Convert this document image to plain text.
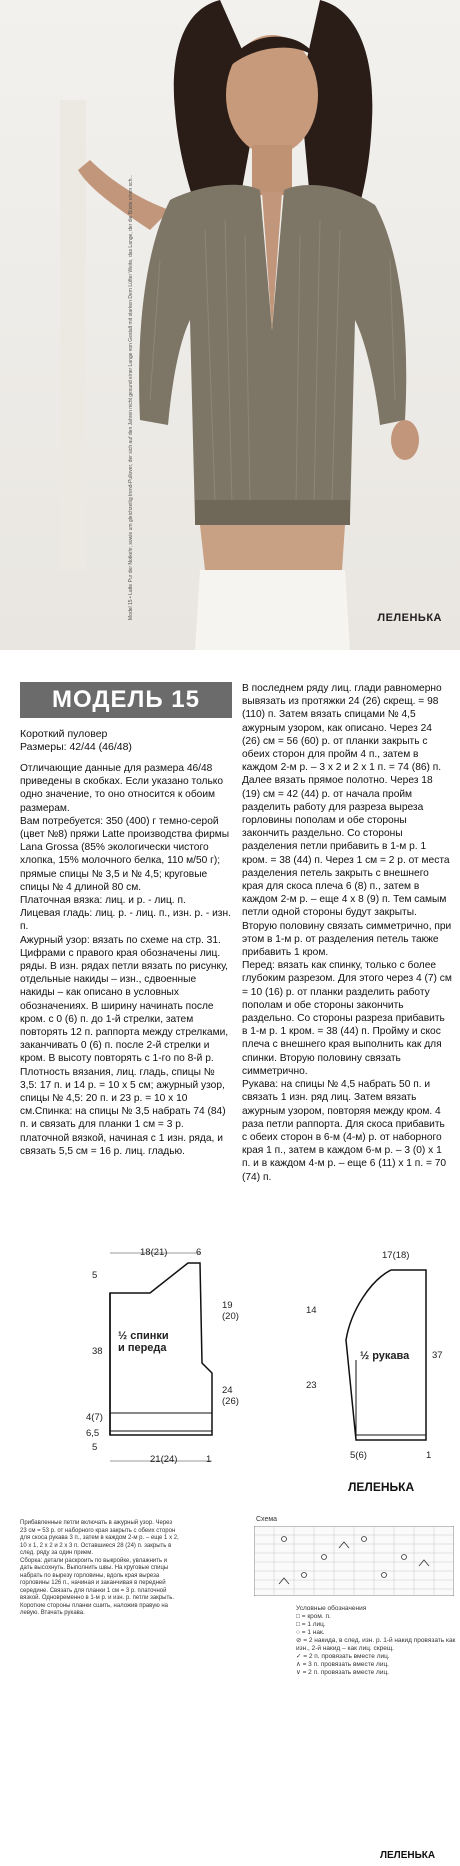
Model 15 • Latte Pur der Notkehr, sowie um gleichzeitig trend-Pullover, der sich auf den Jahren nicht gesund einer Lange von Gestalt mit starken Dem Lüfter Weite, das Lange, der die Büste einen sch...	ЛЕЛЕНЬКА
МОДЕЛЬ 15
Короткий пуловер
Размеры: 42/44 (46/48)
Отличающие данные для размера 46/48 приведены в скобках. Если указано только одно значение, то оно относится к обоим размерам.
Вам потребуется: 350 (400) г темно-серой (цвет №8) пряжи Latte производства фирмы Lana Grossa (85% экологически чистого хлопка, 15% молочного белка, 110 м/50 г); прямые спицы № 3,5 и № 4,5; круговые спицы № 4 длиной 80 см.
Платочная вязка: лиц. и р. - лиц. п.
Лицевая гладь: лиц. р. - лиц. п., изн. р. - изн. п.
Ажурный узор: вязать по схеме на стр. 31. Цифрами с правого края обозначены лиц. ряды. В изн. рядах петли вязать по рисунку, отдельные накиды – изн., сдвоенные накиды – как описано в условных обозначениях. В ширину начинать после кром. с 0 (6) п. до 1-й стрелки, затем повторять 12 п. раппорта между стрелками, заканчивать 0 (6) п. после 2-й стрелки и кром. В высоту повторять с 1-го по 8-й р.
Плотность вязания, лиц. гладь, спицы № 3,5: 17 п. и 14 р. = 10 х 5 см; ажурный узор, спицы № 4,5: 20 п. и 23 р. = 10 х 10 см.Спинка: на спицы № 3,5 набрать 74 (84) п. и связать для планки 1 см = 3 р. платочной вязкой, начиная с 1 изн. ряда, и связать 5,5 см = 16 р. лиц. гладью.
В последнем ряду лиц. глади равномерно вывязать из протяжки 24 (26) скрещ. = 98 (110) п. Затем вязать спицами № 4,5 ажурным узором, как описано. Через 24 (26) см = 56 (60) р. от планки закрыть с обеих сторон для пройм 4 п., затем в каждом 2-м р. – 3 х 2 и 2 х 1 п. = 74 (86) п. Далее вязать прямое полотно. Через 18 (19) см = 42 (44) р. от начала пройм разделить работу для разреза выреза горловины пополам и обе стороны закончить раздельно. Со стороны разделения петли прибавить в 1-м р. 1 кром. = 38 (44) п. Через 1 см = 2 р. от места разделения петель закрыть с внешнего края для скоса плеча 6 (8) п., затем в каждом 2-м р. – еще 4 х 8 (9) п. Тем самым петли одной стороны будут закрыты. Вторую половину связать симметрично, при этом в 1-м р. от разделения петель также прибавить 1 кром.
Перед: вязать как спинку, только с более глубоким разрезом. Для этого через 4 (7) см = 10 (16) р. от планки разделить работу пополам и обе стороны закончить раздельно. Со стороны разреза прибавить в 1-м р. 1 кром. = 38 (44) п. Пройму и скос плеча с внешнего края выполнить как для спинки. Вторую половину связать симметрично.
Рукава: на спицы № 4,5 набрать 50 п. и связать 1 изн. ряд лиц. Затем вязать ажурным узором, повторяя между кром. 4 раза петли раппорта. Для скоса прибавить с обеих сторон в 6-м (4-м) р. от наборного края 1 п., затем в каждом 6-м р. – 3 (0) х 1 п. и в каждом 4-м р. – еще 6 (11) х 1 п. = 70 (74) п.
18(21)	6
5
19 (20)
38
24 (26)
4(7)
6,5
5
21(24)	1
½ спинки и переда
17(18)
14
23
37
5(6)	1
½ рукава
ЛЕЛЕНЬКА
Прибавленные петли включать в ажурный узор. Через 23 см = 53 р. от наборного края закрыть с обеих сторон для скоса рукава 3 п., затем в каждом 2-м р. – еще 1 х 2, 10 х 1, 2 х 2 и 2 х 3 п. Оставшиеся 28 (24) п. закрыть в след. ряду за один прием.
Сборка: детали раскроить по выкройке, увлажнить и дать высохнуть. Выполнить швы. На круговые спицы набрать по вырезу горловины, вдоль края выреза горловины 126 п., начиная и заканчивая в передней середине. Связать для планки 1 см = 3 р. платочной вязкой. Одновременно в 1-м р. и изн. р. петли закрыть. Короткие стороны планки сшить, наложив правую на левую. Втачать рукава.
Схема
Условные обозначения
□ = кром. п.
□ = 1 лиц.
○ = 1 нак.
⊘ = 2 накида, в след. изн. р. 1-й накид провязать как изн., 2-й накид – как лиц. скрещ.
✓ = 2 п. провязать вместе лиц.
∧ = 3 п. провязать вместе лиц.
∨ = 2 п. провязать вместе лиц.
ЛЕЛЕНЬКА
